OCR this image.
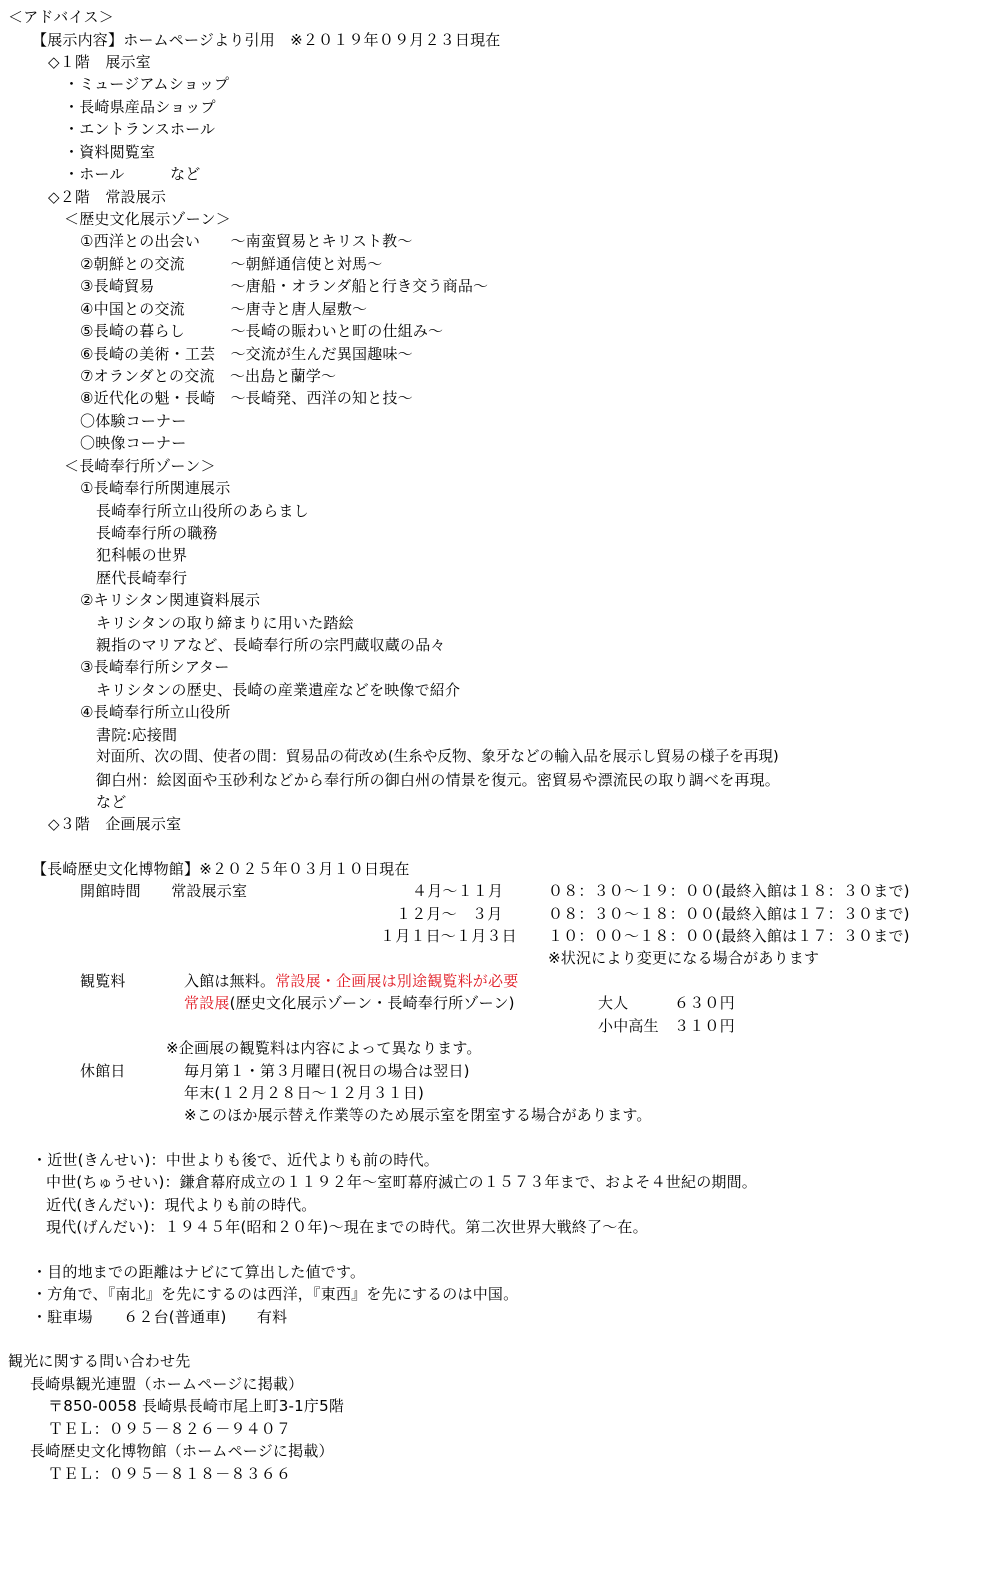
＜アドバイス＞
【展示内容】ホームページより引用　※２０１９年０９月２３日現在
◇１階　展示室
・ミュージアムショップ
・長崎県産品ショップ
・エントランスホール
・資料閲覧室
・ホール　　　など
◇２階　常設展示
＜歴史文化展示ゾーン＞
①西洋との出会い　　～南蛮貿易とキリスト教～
②朝鮮との交流　　　～朝鮮通信使と対馬～
③長崎貿易　　　　　～唐船・オランダ船と行き交う商品～
④中国との交流　　　～唐寺と唐人屋敷～
⑤長崎の暮らし　　　～長崎の賑わいと町の仕組み～
⑥長崎の美術・工芸　～交流が生んだ異国趣味～
⑦オランダとの交流　～出島と蘭学～
⑧近代化の魁・長崎　～長崎発、西洋の知と技～
〇体験コーナー
〇映像コーナー
＜長崎奉行所ゾーン＞
①長崎奉行所関連展示
長崎奉行所立山役所のあらまし
長崎奉行所の職務
犯科帳の世界
歴代長崎奉行
②キリシタン関連資料展示
キリシタンの取り締まりに用いた踏絵
親指のマリアなど、長崎奉行所の宗門蔵収蔵の品々
③長崎奉行所シアター
キリシタンの歴史、長崎の産業遺産などを映像で紹介
④長崎奉行所立山役所
書院:応接間
対面所、次の間、使者の間：貿易品の荷改め(生糸や反物、象牙などの輸入品を展示し貿易の様子を再現)
御白州：絵図面や玉砂利などから奉行所の御白州の情景を復元。密貿易や漂流民の取り調べを再現。
など
◇３階　企画展示室
【長崎歴史文化博物館】※２０２５年０３月１０日現在
開館時間　　常設展示室	４月～１１月	０８：３０～１９：００(最終入館は１８：３０まで)
１２月～　３月	０８：３０～１８：００(最終入館は１７：３０まで)
１月１日～１月３日 １０：００～１８：００(最終入館は１７：３０まで)
※状況により変更になる場合があります
観覧料	入館は無料。常設展・企画展は別途観覧料が必要
常設展(歴史文化展示ゾーン・長崎奉行所ゾーン)	大人　　　６３０円
小中高生　３１０円
※企画展の観覧料は内容によって異なります。
休館日	毎月第１・第３月曜日(祝日の場合は翌日)
年末(１２月２８日～１２月３１日)
※このほか展示替え作業等のため展示室を閉室する場合があります。
・近世(きんせい)：中世よりも後で、近代よりも前の時代。
中世(ちゅうせい)：鎌倉幕府成立の１１９２年～室町幕府滅亡の１５７３年まで、およそ４世紀の期間。
近代(きんだい)：現代よりも前の時代。
現代(げんだい)：１９４５年(昭和２０年)～現在までの時代。第二次世界大戦終了～在。
・目的地までの距離はナビにて算出した値です。
・方角で、『南北』を先にするのは西洋，『東西』を先にするのは中国。
・駐車場　　６２台(普通車)　　有料
観光に関する問い合わせ先
長崎県観光連盟（ホームページに掲載）
〒850-0058 長崎県長崎市尾上町3-1庁5階
ＴＥＬ：０９５－８２６－９４０７
長崎歴史文化博物館（ホームページに掲載）
ＴＥＬ：０９５－８１８－８３６６
